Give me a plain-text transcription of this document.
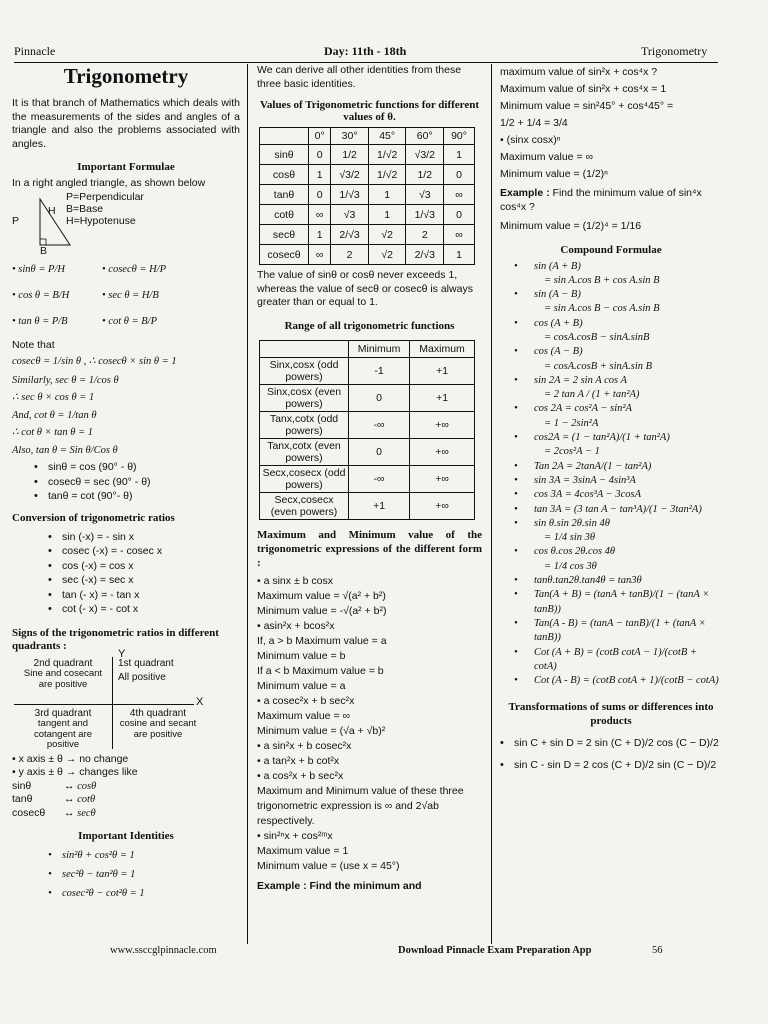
Pinnacle	Day: 11th - 18th	Trigonometry

Trigonometry

It is that branch of Mathematics which deals with the measurements of the sides and angles of a triangle and also the problems associated with angles.

Important Formulae

In a right angled triangle, as shown below

P
H
B
P=Perpendicular
B=Base
H=Hypotenuse
• sinθ = P/H	• cosecθ = H/P
• cos θ = B/H	• sec θ = H/B
• tan θ = P/B	• cot θ = B/P

Note that

cosecθ = 1/sin θ , ∴ cosecθ × sin θ = 1

Similarly, sec θ = 1/cos θ

∴ sec θ × cos θ = 1

And, cot θ = 1/tan θ

∴ cot θ × tan θ = 1

Also, tan θ = Sin θ/Cos θ

• sinθ = cos (90° - θ)
• cosecθ = sec (90° - θ)
• tanθ = cot (90°- θ)

Conversion of trigonometric ratios

• sin (-x) = - sin x
• cosec (-x) = - cosec x
• cos (-x) = cos x
• sec (-x) = sec x
• tan (- x) = - tan x
• cot (- x) = - cot x

Signs of the trigonometric ratios in different quadrants :

X
Y
2nd quadrant
Sine and cosecant are positive
1st quadrant
All positive
3rd quadrant
tangent and cotangent are positive
4th quadrant
cosine and secant are positive

• x axis ± θ → no change

• y axis ± θ → changes like

sinθ	↔ cosθ

tanθ	↔ cotθ

cosecθ ↔ secθ

Important Identities

• sin²θ + cos²θ = 1
• sec²θ − tan²θ = 1
• cosec²θ − cot²θ = 1

We can derive all other identities from these three basic identities.

Values of Trigonometric functions for different values of θ.

	0°	30°	45°	60°	90°
sinθ	0	1/2	1/√2	√3/2	1
cosθ	1	√3/2	1/√2	1/2	0
tanθ	0	1/√3	1	√3	∞
cotθ	∞	√3	1	1/√3	0
secθ	1	2/√3	√2	2	∞
cosecθ	∞	2	√2	2/√3	1

The value of sinθ or cosθ never exceeds 1, whereas the value of secθ or cosecθ is always greater than or equal to 1.

Range of all trigonometric functions

	Minimum	Maximum
Sinx,cosx (odd powers)	-1	+1
Sinx,cosx (even powers)	0	+1
Tanx,cotx (odd powers)	-∞	+∞
Tanx,cotx (even powers)	0	+∞
Secx,cosecx (odd powers)	-∞	+∞
Secx,cosecx (even powers)	+1	+∞

Maximum and Minimum value of the trigonometric expressions of the different form :

• a sinx ± b cosx

Maximum value = √(a² + b²)

Minimum value = -√(a² + b²)

• asin²x + bcos²x

If, a > b Maximum value = a

Minimum value = b

If a < b Maximum value = b

Minimum value = a

• a cosec²x + b sec²x

Maximum value = ∞

Minimum value = (√a + √b)²

• a sin²x + b cosec²x

• a tan²x + b cot²x

• a cos²x + b sec²x

Maximum and Minimum value of these three trigonometric expression is ∞ and 2√ab respectively.

• sin²ⁿx + cos²ᵐx

Maximum value = 1

Minimum value = (use x = 45°)

Example : Find the minimum and

maximum value of sin²x + cos⁴x ?

Maximum value of sin²x + cos⁴x = 1

Minimum value = sin²45° + cos⁴45° =

1/2 + 1/4 = 3/4

• (sinx cosx)ⁿ

Maximum value = ∞

Minimum value = (1/2)ⁿ

Example : Find the minimum value of sin⁴x cos⁴x ?

Minimum value = (1/2)⁴ = 1/16

Compound Formulae

• sin (A + B)

= sin A.cos B + cos A.sin B

• sin (A − B)

= sin A.cos B − cos A.sin B

• cos (A + B)

= cosA.cosB − sinA.sinB

• cos (A − B)

= cosA.cosB + sinA.sin B

• sin 2A = 2 sin A cos A

= 2 tan A / (1 + tan²A)

• cos 2A = cos²A − sin²A

= 1 − 2sin²A

• cos2A = (1 − tan²A)/(1 + tan²A)

= 2cos²A − 1

• Tan 2A = 2tanA/(1 − tan²A)

• sin 3A = 3sinA − 4sin³A

• cos 3A = 4cos³A − 3cosA

• tan 3A = (3 tan A − tan³A)/(1 − 3tan²A)

• sin θ.sin 2θ.sin 4θ

= 1/4 sin 3θ

• cos θ.cos 2θ.cos 4θ

= 1/4 cos 3θ

• tanθ.tan2θ.tan4θ = tan3θ

• Tan(A + B) = (tanA + tanB)/(1 − (tanA × tanB))

• Tan(A - B) = (tanA − tanB)/(1 + (tanA × tanB))

• Cot (A + B) = (cotB cotA − 1)/(cotB + cotA)

• Cot (A - B) = (cotB cotA + 1)/(cotB − cotA)

Transformations of sums or differences into products

• sin C + sin D = 2 sin (C + D)/2 cos (C − D)/2
• sin C - sin D = 2 cos (C + D)/2 sin (C − D)/2
www.ssccglpinnacle.com	Download Pinnacle Exam Preparation App	56
